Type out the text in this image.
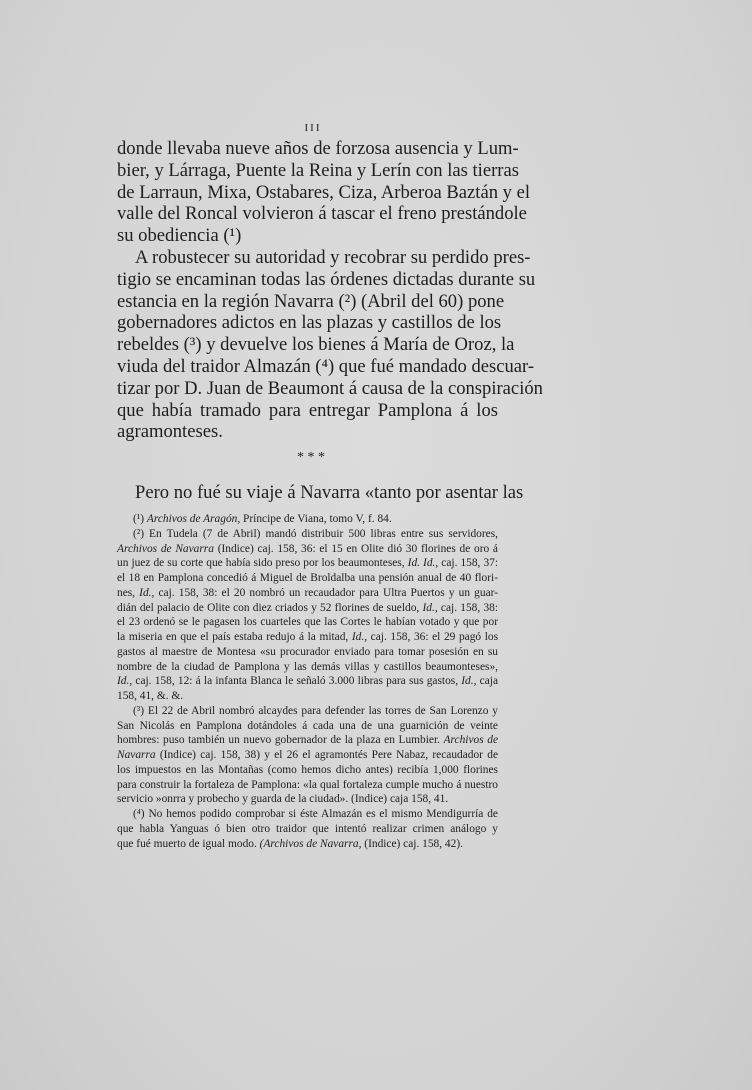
III
donde llevaba nueve años de forzosa ausencia y Lum-
bier, y Lárraga, Puente la Reina y Lerín con las tierras
de Larraun, Mixa, Ostabares, Ciza, Arberoa Baztán y el
valle del Roncal volvieron á tascar el freno prestándole
su obediencia (¹)
A robustecer su autoridad y recobrar su perdido pres-
tigio se encaminan todas las órdenes dictadas durante su
estancia en la región Navarra (²) (Abril del 60) pone
gobernadores adictos en las plazas y castillos de los
rebeldes (³) y devuelve los bienes á María de Oroz, la
viuda del traidor Almazán (⁴) que fué mandado descuar-
tizar por D. Juan de Beaumont á causa de la conspiración
que había tramado para entregar Pamplona á los
agramonteses.
* * *
Pero no fué su viaje á Navarra «tanto por asentar las
(¹) Archivos de Aragón, Príncipe de Viana, tomo V, f. 84.
(²) En Tudela (7 de Abril) mandó distribuir 500 libras entre sus servidores,
Archivos de Navarra (Indice) caj. 158, 36: el 15 en Olite dió 30 florines de oro á
un juez de su corte que había sido preso por los beaumonteses, Id. Id., caj. 158, 37:
el 18 en Pamplona concedió á Miguel de Broldalba una pensión anual de 40 flori-
nes, Id., caj. 158, 38: el 20 nombró un recaudador para Ultra Puertos y un guar-
dián del palacio de Olite con diez criados y 52 florines de sueldo, Id., caj. 158, 38:
el 23 ordenó se le pagasen los cuarteles que las Cortes le habían votado y que por
la miseria en que el país estaba redujo á la mitad, Id., caj. 158, 36: el 29 pagó los
gastos al maestre de Montesa «su procurador enviado para tomar posesión en su
nombre de la ciudad de Pamplona y las demás villas y castillos beaumonteses»,
Id., caj. 158, 12: á la infanta Blanca le señaló 3.000 libras para sus gastos, Id., caja
158, 41, &. &.
(³) El 22 de Abril nombró alcaydes para defender las torres de San Lorenzo y
San Nicolás en Pamplona dotándoles á cada una de una guarnición de veinte
hombres: puso también un nuevo gobernador de la plaza en Lumbier. Archivos de
Navarra (Indice) caj. 158, 38) y el 26 el agramontés Pere Nabaz, recaudador de
los impuestos en las Montañas (como hemos dicho antes) recibía 1,000 florines
para construir la fortaleza de Pamplona: «la qual fortaleza cumple mucho á nuestro
servicio »onrra y probecho y guarda de la ciudad». (Indice) caja 158, 41.
(⁴) No hemos podido comprobar si éste Almazán es el mismo Mendigurría de
que habla Yanguas ó bien otro traidor que intentó realizar crimen análogo y
que fué muerto de igual modo. (Archivos de Navarra, (Indice) caj. 158, 42).
